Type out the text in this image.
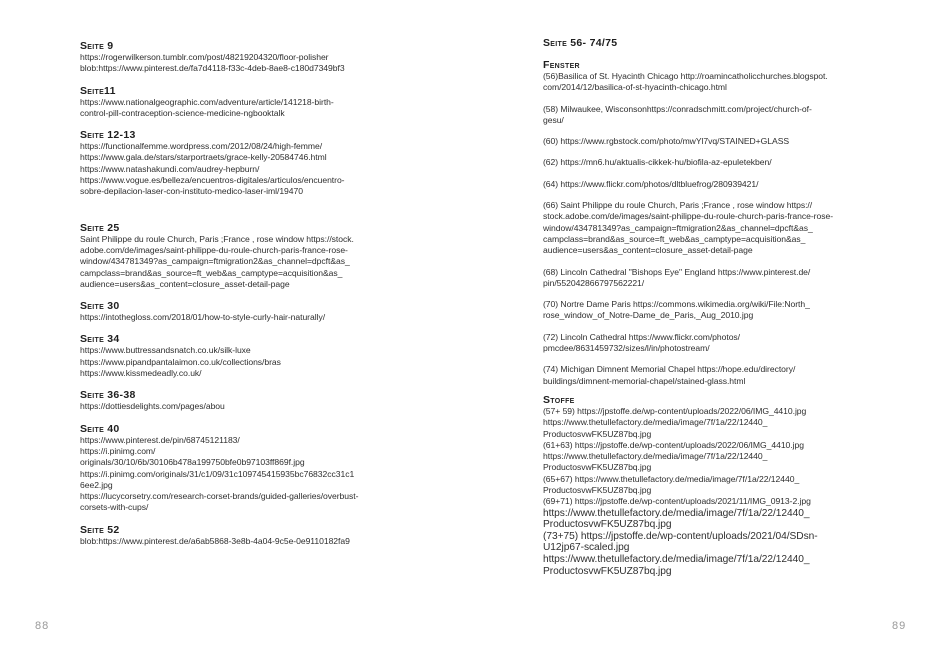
Seite 9

https://rogerwilkerson.tumblr.com/post/48219204320/floor-polisher

blob:https://www.pinterest.de/fa7d4118-f33c-4deb-8ae8-c180d7349bf3

Seite11

https://www.nationalgeographic.com/adventure/article/141218-birth-

control-pill-contraception-science-medicine-ngbooktalk

Seite 12-13

https://functionalfemme.wordpress.com/2012/08/24/high-femme/

https://www.gala.de/stars/starportraets/grace-kelly-20584746.html

https://www.natashakundi.com/audrey-hepburn/

https://www.vogue.es/belleza/encuentros-digitales/articulos/encuentro-

sobre-depilacion-laser-con-instituto-medico-laser-iml/19470

Seite 25

Saint Philippe du roule Church, Paris ;France , rose window https://stock.

adobe.com/de/images/saint-philippe-du-roule-church-paris-france-rose-

window/434781349?as_campaign=ftmigration2&as_channel=dpcft&as_

campclass=brand&as_source=ft_web&as_camptype=acquisition&as_

audience=users&as_content=closure_asset-detail-page

Seite 30

https://intothegloss.com/2018/01/how-to-style-curly-hair-naturally/

Seite 34

https://www.buttressandsnatch.co.uk/silk-luxe

https://www.pipandpantalaimon.co.uk/collections/bras

https://www.kissmedeadly.co.uk/

Seite 36-38

https://dottiesdelights.com/pages/abou

Seite 40

https://www.pinterest.de/pin/68745121183/

https://i.pinimg.com/

originals/30/10/6b/30106b478a199750bfe0b97103ff869f.jpg

https://i.pinimg.com/originals/31/c1/09/31c109745415935bc76832cc31c1

6ee2.jpg

https://lucycorsetry.com/research-corset-brands/guided-galleries/overbust-

corsets-with-cups/

Seite 52

blob:https://www.pinterest.de/a6ab5868-3e8b-4a04-9c5e-0e9110182fa9

88

Seite 56- 74/75

Fenster

(56)Basilica of St. Hyacinth Chicago http://roamincatholicchurches.blogspot.

com/2014/12/basilica-of-st-hyacinth-chicago.html

(58) Milwaukee, Wisconsonhttps://conradschmitt.com/project/church-of-

gesu/

(60) https://www.rgbstock.com/photo/mwYl7vq/STAINED+GLASS

(62) https://mn6.hu/aktualis-cikkek-hu/biofila-az-epuletekben/

(64) https://www.flickr.com/photos/dltbluefrog/280939421/

(66) Saint Philippe du roule Church, Paris ;France , rose window https://

stock.adobe.com/de/images/saint-philippe-du-roule-church-paris-france-rose-

window/434781349?as_campaign=ftmigration2&as_channel=dpcft&as_

campclass=brand&as_source=ft_web&as_camptype=acquisition&as_

audience=users&as_content=closure_asset-detail-page

(68) Lincoln Cathedral "Bishops Eye" England https://www.pinterest.de/

pin/552042866797562221/

(70) Nortre Dame Paris https://commons.wikimedia.org/wiki/File:North_

rose_window_of_Notre-Dame_de_Paris,_Aug_2010.jpg

(72) Lincoln Cathedral https://www.flickr.com/photos/

pmcdee/8631459732/sizes/l/in/photostream/

(74) Michigan Dimnent Memorial Chapel https://hope.edu/directory/

buildings/dimnent-memorial-chapel/stained-glass.html

Stoffe

(57+ 59) https://jpstoffe.de/wp-content/uploads/2022/06/IMG_4410.jpg

https://www.thetullefactory.de/media/image/7f/1a/22/12440_

ProductosvwFK5UZ87bq.jpg

(61+63) https://jpstoffe.de/wp-content/uploads/2022/06/IMG_4410.jpg

https://www.thetullefactory.de/media/image/7f/1a/22/12440_

ProductosvwFK5UZ87bq.jpg

(65+67) https://www.thetullefactory.de/media/image/7f/1a/22/12440_

ProductosvwFK5UZ87bq.jpg

(69+71) https://jpstoffe.de/wp-content/uploads/2021/11/IMG_0913-2.jpg

https://www.thetullefactory.de/media/image/7f/1a/22/12440_

ProductosvwFK5UZ87bq.jpg

(73+75) https://jpstoffe.de/wp-content/uploads/2021/04/SDsn-

U12jp67-scaled.jpg

https://www.thetullefactory.de/media/image/7f/1a/22/12440_

ProductosvwFK5UZ87bq.jpg

89
